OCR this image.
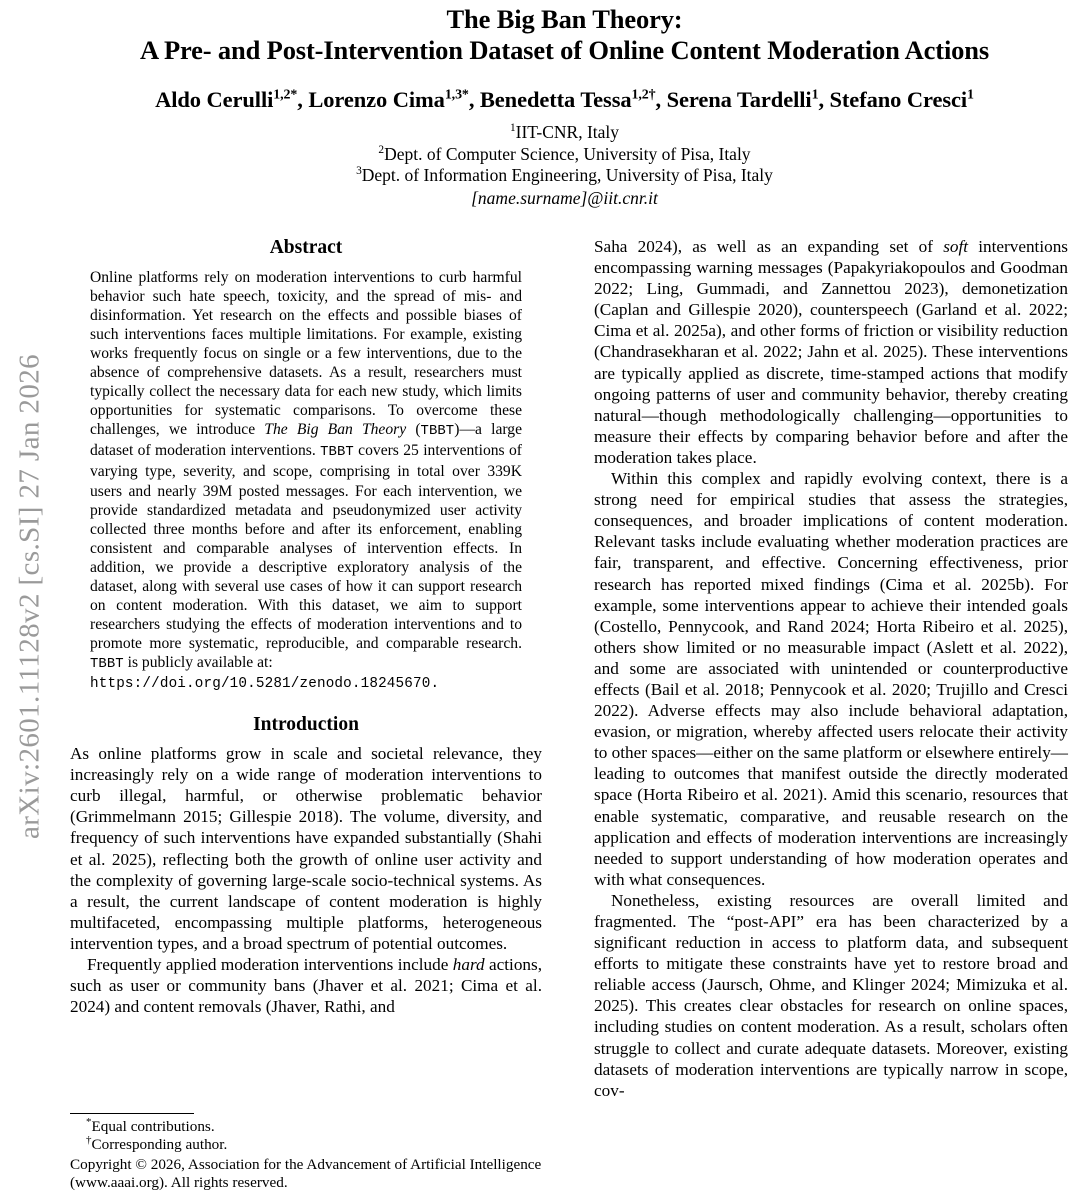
arXiv:2601.11128v2 [cs.SI] 27 Jan 2026
The Big Ban Theory:
A Pre- and Post-Intervention Dataset of Online Content Moderation Actions
Aldo Cerulli$^{1,2*}$, Lorenzo Cima$^{1,3*}$, Benedetta Tessa$^{1,2\dagger}$, Serena Tardelli$^1$, Stefano Cresci$^1$
$^1$IIT-CNR, Italy
$^2$Dept. of Computer Science, University of Pisa, Italy
$^3$Dept. of Information Engineering, University of Pisa, Italy
[name.surname]@iit.cnr.it
Abstract

Online platforms rely on moderation interventions to curb harmful behavior such hate speech, toxicity, and the spread of mis- and disinformation. Yet research on the effects and possible biases of such interventions faces multiple limitations. For example, existing works frequently focus on single or a few interventions, due to the absence of comprehensive datasets. As a result, researchers must typically collect the necessary data for each new study, which limits opportunities for systematic comparisons. To overcome these challenges, we introduce The Big Ban Theory (TBBT)—a large dataset of moderation interventions. TBBT covers 25 interventions of varying type, severity, and scope, comprising in total over 339K users and nearly 39M posted messages. For each intervention, we provide standardized metadata and pseudonymized user activity collected three months before and after its enforcement, enabling consistent and comparable analyses of intervention effects. In addition, we provide a descriptive exploratory analysis of the dataset, along with several use cases of how it can support research on content moderation. With this dataset, we aim to support researchers studying the effects of moderation interventions and to promote more systematic, reproducible, and comparable research. TBBT is publicly available at:

https://doi.org/10.5281/zenodo.18245670.
Introduction

As online platforms grow in scale and societal relevance, they increasingly rely on a wide range of moderation interventions to curb illegal, harmful, or otherwise problematic behavior (Grimmelmann 2015; Gillespie 2018). The volume, diversity, and frequency of such interventions have expanded substantially (Shahi et al. 2025), reflecting both the growth of online user activity and the complexity of governing large-scale socio-technical systems. As a result, the current landscape of content moderation is highly multifaceted, encompassing multiple platforms, heterogeneous intervention types, and a broad spectrum of potential outcomes.

Frequently applied moderation interventions include hard actions, such as user or community bans (Jhaver et al. 2021; Cima et al. 2024) and content removals (Jhaver, Rathi, and

Saha 2024), as well as an expanding set of soft interventions encompassing warning messages (Papakyriakopoulos and Goodman 2022; Ling, Gummadi, and Zannettou 2023), demonetization (Caplan and Gillespie 2020), counterspeech (Garland et al. 2022; Cima et al. 2025a), and other forms of friction or visibility reduction (Chandrasekharan et al. 2022; Jahn et al. 2025). These interventions are typically applied as discrete, time-stamped actions that modify ongoing patterns of user and community behavior, thereby creating natural—though methodologically challenging—opportunities to measure their effects by comparing behavior before and after the moderation takes place.

Within this complex and rapidly evolving context, there is a strong need for empirical studies that assess the strategies, consequences, and broader implications of content moderation. Relevant tasks include evaluating whether moderation practices are fair, transparent, and effective. Concerning effectiveness, prior research has reported mixed findings (Cima et al. 2025b). For example, some interventions appear to achieve their intended goals (Costello, Pennycook, and Rand 2024; Horta Ribeiro et al. 2025), others show limited or no measurable impact (Aslett et al. 2022), and some are associated with unintended or counterproductive effects (Bail et al. 2018; Pennycook et al. 2020; Trujillo and Cresci 2022). Adverse effects may also include behavioral adaptation, evasion, or migration, whereby affected users relocate their activity to other spaces—either on the same platform or elsewhere entirely—leading to outcomes that manifest outside the directly moderated space (Horta Ribeiro et al. 2021). Amid this scenario, resources that enable systematic, comparative, and reusable research on the application and effects of moderation interventions are increasingly needed to support understanding of how moderation operates and with what consequences.

Nonetheless, existing resources are overall limited and fragmented. The “post-API” era has been characterized by a significant reduction in access to platform data, and subsequent efforts to mitigate these constraints have yet to restore broad and reliable access (Jaursch, Ohme, and Klinger 2024; Mimizuka et al. 2025). This creates clear obstacles for research on online spaces, including studies on content moderation. As a result, scholars often struggle to collect and curate adequate datasets. Moreover, existing datasets of moderation interventions are typically narrow in scope, cov-

*Equal contributions.

†Corresponding author.

Copyright © 2026, Association for the Advancement of Artificial Intelligence (www.aaai.org). All rights reserved.
